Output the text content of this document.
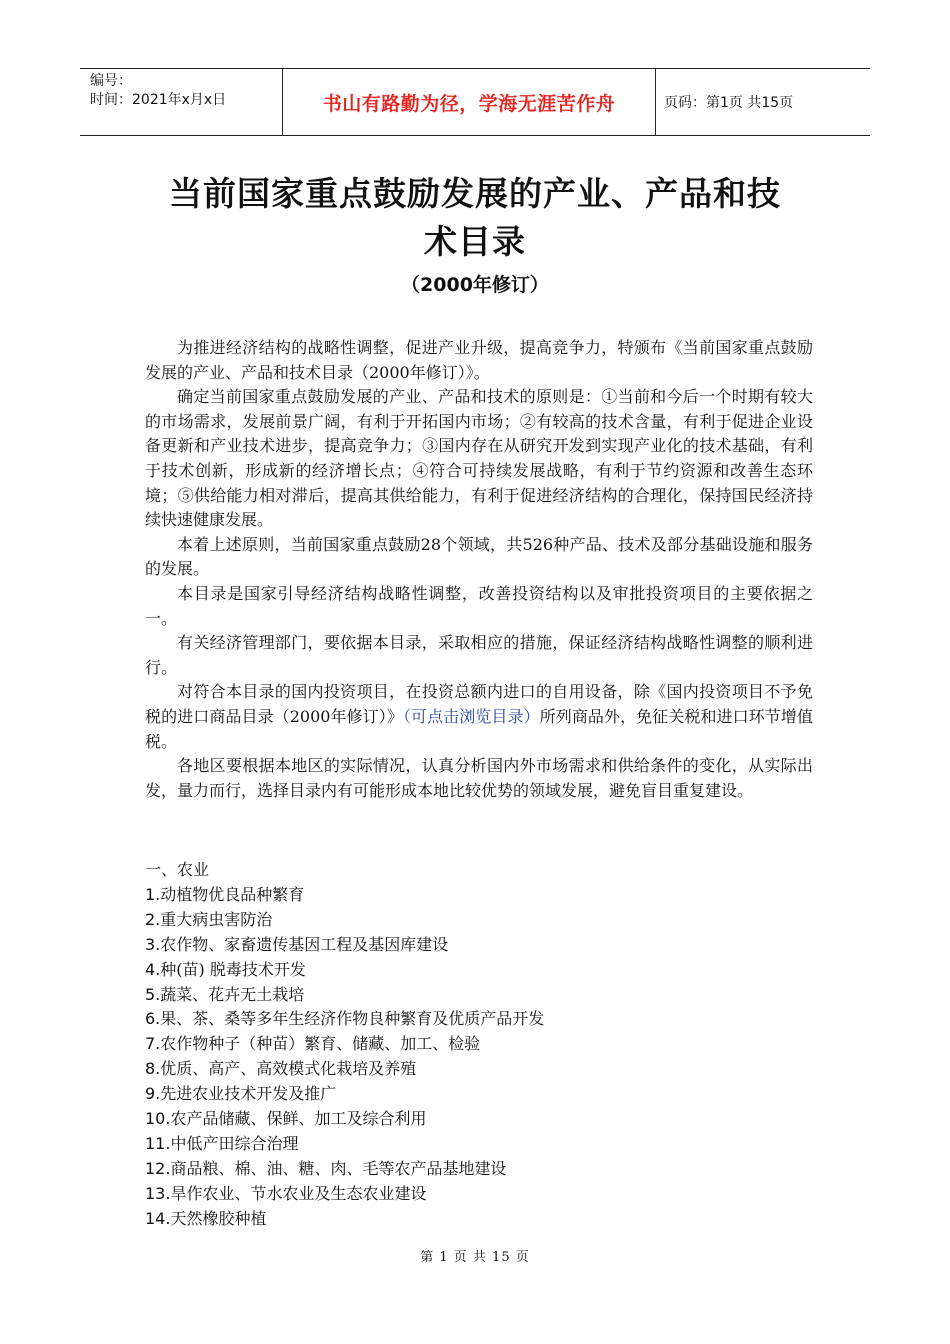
编号：
时间：2021年x月x日	书山有路勤为径，学海无涯苦作舟	页码：第1页 共15页
当前国家重点鼓励发展的产业、产品和技
术目录
（2000年修订）

为推进经济结构的战略性调整，促进产业升级，提高竞争力，特颁布《当前国家重点鼓励发展的产业、产品和技术目录（2000年修订）》。

确定当前国家重点鼓励发展的产业、产品和技术的原则是：①当前和今后一个时期有较大的市场需求，发展前景广阔，有利于开拓国内市场；②有较高的技术含量，有利于促进企业设备更新和产业技术进步，提高竞争力；③国内存在从研究开发到实现产业化的技术基础，有利于技术创新，形成新的经济增长点；④符合可持续发展战略，有利于节约资源和改善生态环境；⑤供给能力相对滞后，提高其供给能力，有利于促进经济结构的合理化，保持国民经济持续快速健康发展。

本着上述原则，当前国家重点鼓励28个领域，共526种产品、技术及部分基础设施和服务的发展。

本目录是国家引导经济结构战略性调整，改善投资结构以及审批投资项目的主要依据之一。

有关经济管理部门，要依据本目录，采取相应的措施，保证经济结构战略性调整的顺利进行。

对符合本目录的国内投资项目，在投资总额内进口的自用设备，除《国内投资项目不予免税的进口商品目录（2000年修订）》（可点击浏览目录）所列商品外，免征关税和进口环节增值税。

各地区要根据本地区的实际情况，认真分析国内外市场需求和供给条件的变化，从实际出发，量力而行，选择目录内有可能形成本地比较优势的领域发展，避免盲目重复建设。

一、农业

1.动植物优良品种繁育
2.重大病虫害防治
3.农作物、家畜遗传基因工程及基因库建设
4.种(苗) 脱毒技术开发
5.蔬菜、花卉无土栽培
6.果、茶、桑等多年生经济作物良种繁育及优质产品开发
7.农作物种子（种苗）繁育、储藏、加工、检验
8.优质、高产、高效模式化栽培及养殖
9.先进农业技术开发及推广
10.农产品储藏、保鲜、加工及综合利用
11.中低产田综合治理
12.商品粮、棉、油、糖、肉、毛等农产品基地建设
13.旱作农业、节水农业及生态农业建设
14.天然橡胶种植
第 1 页 共 15 页
